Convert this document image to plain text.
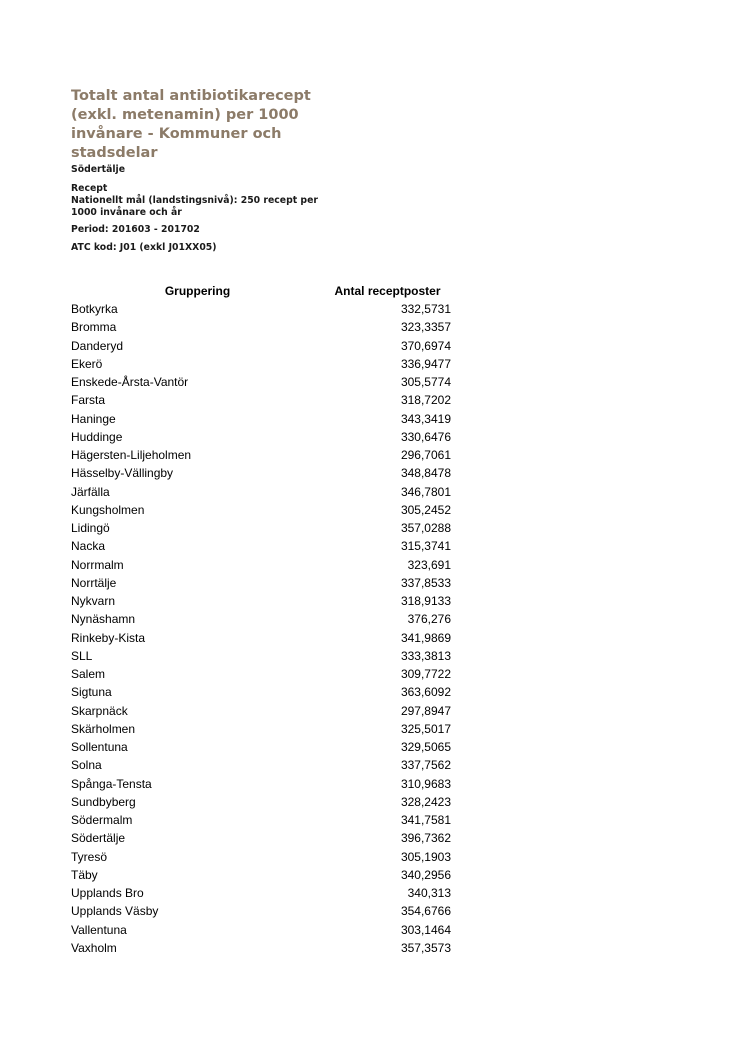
Totalt antal antibiotikarecept (exkl. metenamin) per 1000 invånare - Kommuner och stadsdelar
Södertälje
Recept
Nationellt mål (landstingsnivå): 250 recept per 1000 invånare och år
Period: 201603 - 201702
ATC kod: J01 (exkl J01XX05)
Gruppering	Antal receptposter
Botkyrka	332,5731
Bromma	323,3357
Danderyd	370,6974
Ekerö	336,9477
Enskede-Årsta-Vantör	305,5774
Farsta	318,7202
Haninge	343,3419
Huddinge	330,6476
Hägersten-Liljeholmen	296,7061
Hässelby-Vällingby	348,8478
Järfälla	346,7801
Kungsholmen	305,2452
Lidingö	357,0288
Nacka	315,3741
Norrmalm	323,691
Norrtälje	337,8533
Nykvarn	318,9133
Nynäshamn	376,276
Rinkeby-Kista	341,9869
SLL	333,3813
Salem	309,7722
Sigtuna	363,6092
Skarpnäck	297,8947
Skärholmen	325,5017
Sollentuna	329,5065
Solna	337,7562
Spånga-Tensta	310,9683
Sundbyberg	328,2423
Södermalm	341,7581
Södertälje	396,7362
Tyresö	305,1903
Täby	340,2956
Upplands Bro	340,313
Upplands Väsby	354,6766
Vallentuna	303,1464
Vaxholm	357,3573
